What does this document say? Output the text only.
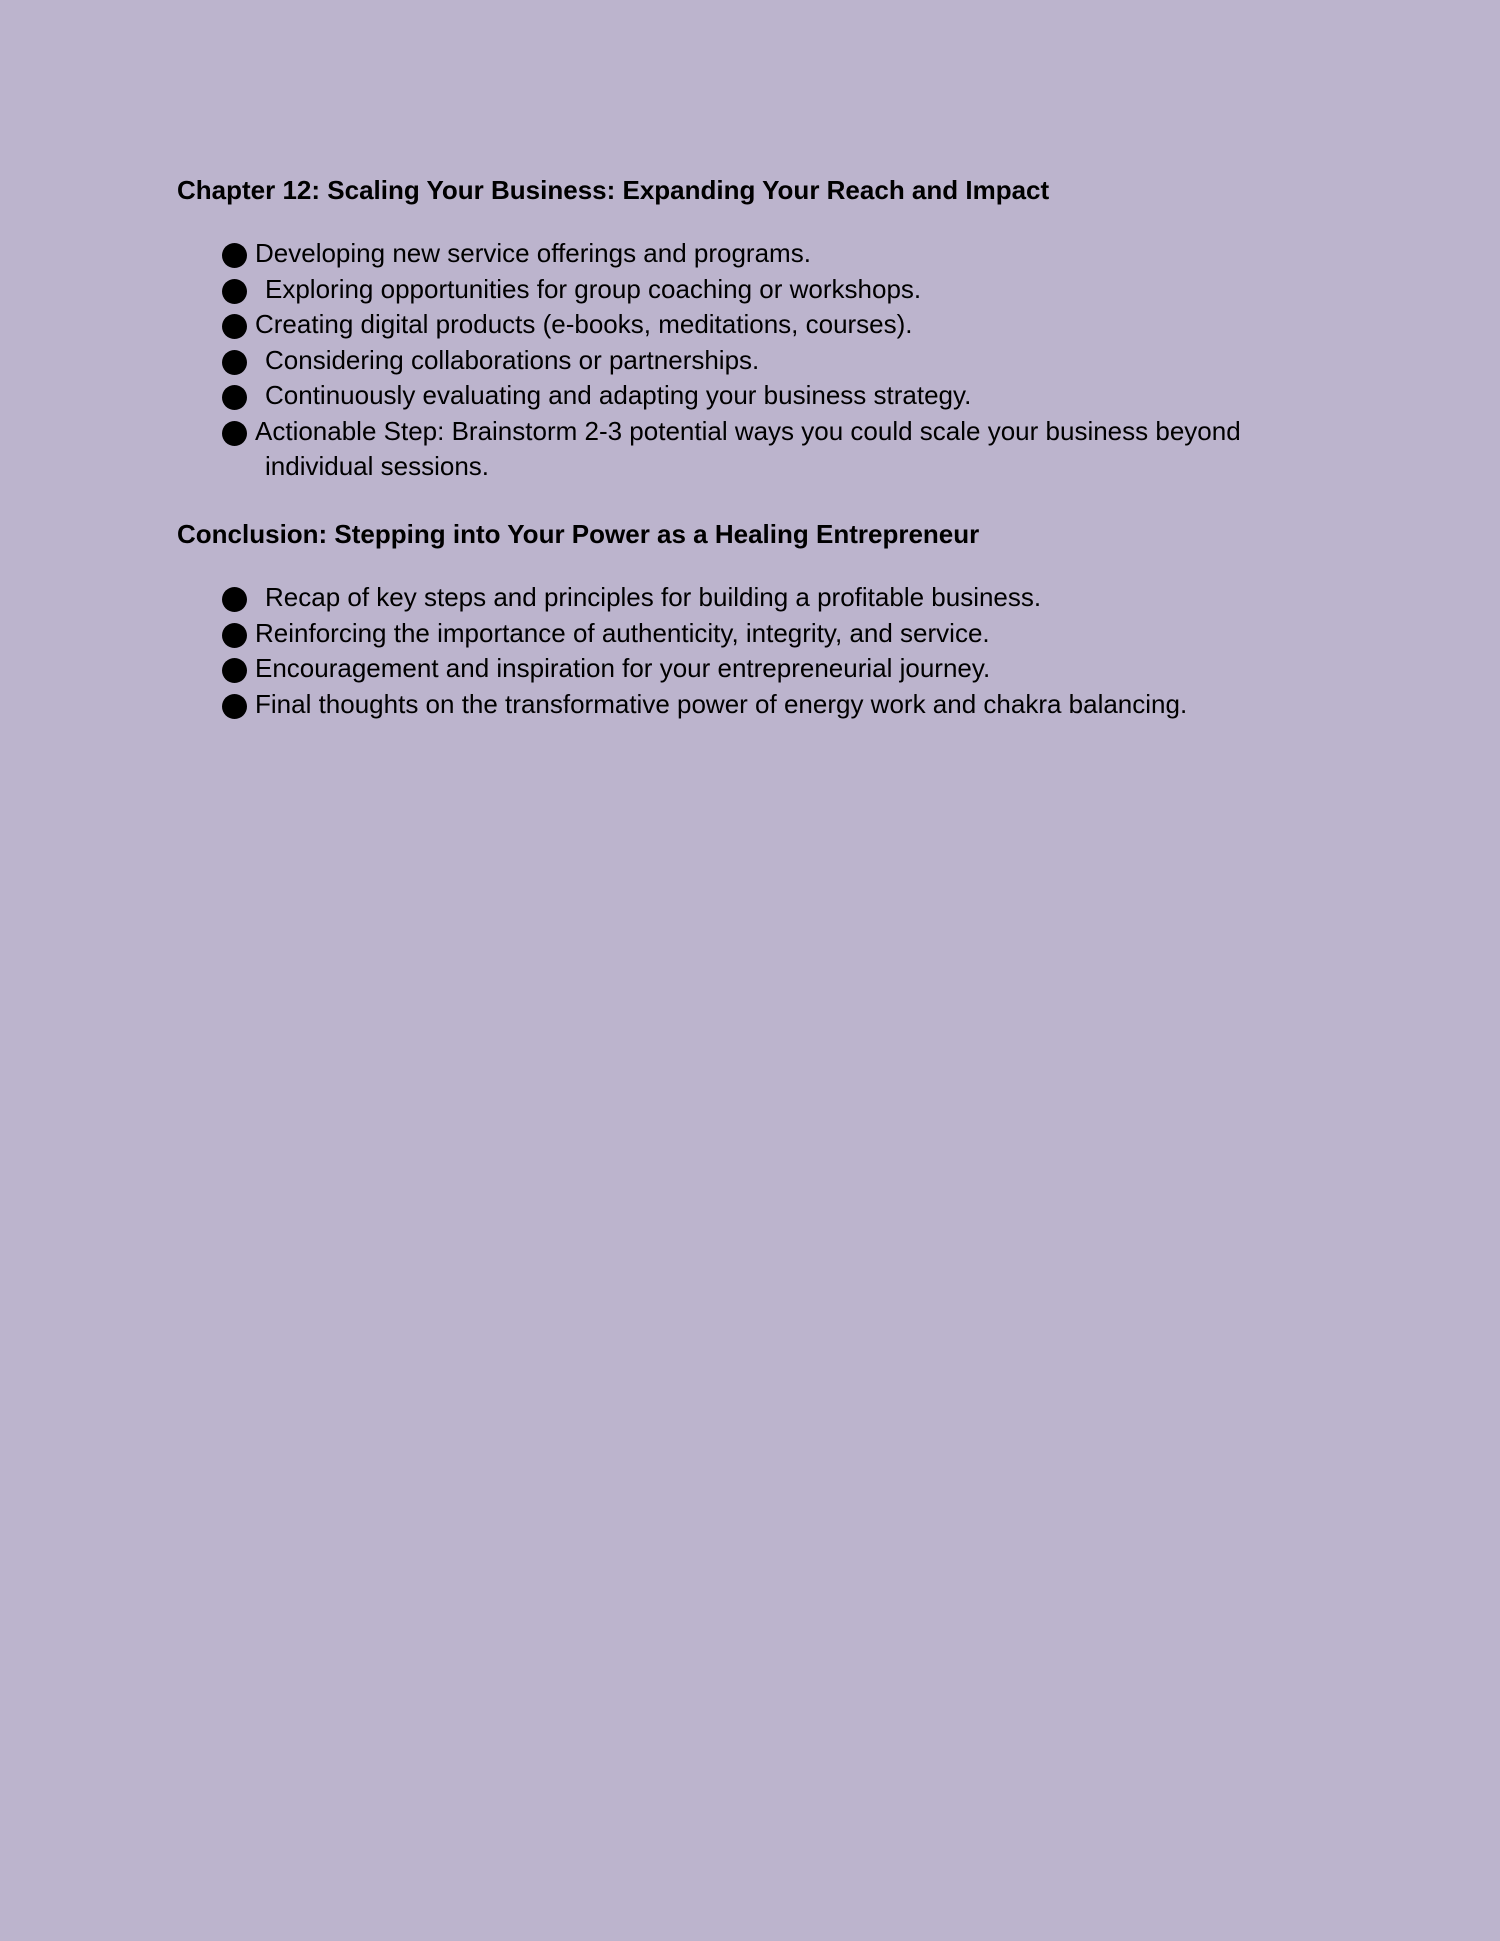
Chapter 12: Scaling Your Business: Expanding Your Reach and Impact
Developing new service offerings and programs.
Exploring opportunities for group coaching or workshops.
Creating digital products (e-books, meditations, courses).
Considering collaborations or partnerships.
Continuously evaluating and adapting your business strategy.
Actionable Step: Brainstorm 2-3 potential ways you could scale your business beyond individual sessions.
Conclusion: Stepping into Your Power as a Healing Entrepreneur
Recap of key steps and principles for building a profitable business.
Reinforcing the importance of authenticity, integrity, and service.
Encouragement and inspiration for your entrepreneurial journey.
Final thoughts on the transformative power of energy work and chakra balancing.
